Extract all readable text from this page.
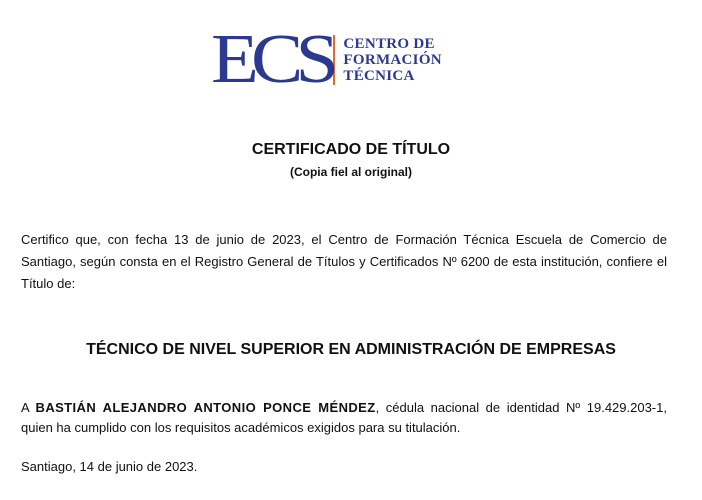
ECS CENTRO DE
FORMACIÓN
TÉCNICA
CERTIFICADO DE TÍTULO
(Copia fiel al original)

Certifico que, con fecha 13 de junio de 2023, el Centro de Formación Técnica Escuela de Comercio de Santiago, según consta en el Registro General de Títulos y Certificados Nº 6200 de esta institución, confiere el Título de:

TÉCNICO DE NIVEL SUPERIOR EN ADMINISTRACIÓN DE EMPRESAS

A BASTIÁN ALEJANDRO ANTONIO PONCE MÉNDEZ, cédula nacional de identidad Nº 19.429.203-1, quien ha cumplido con los requisitos académicos exigidos para su titulación.

Santiago, 14 de junio de 2023.
